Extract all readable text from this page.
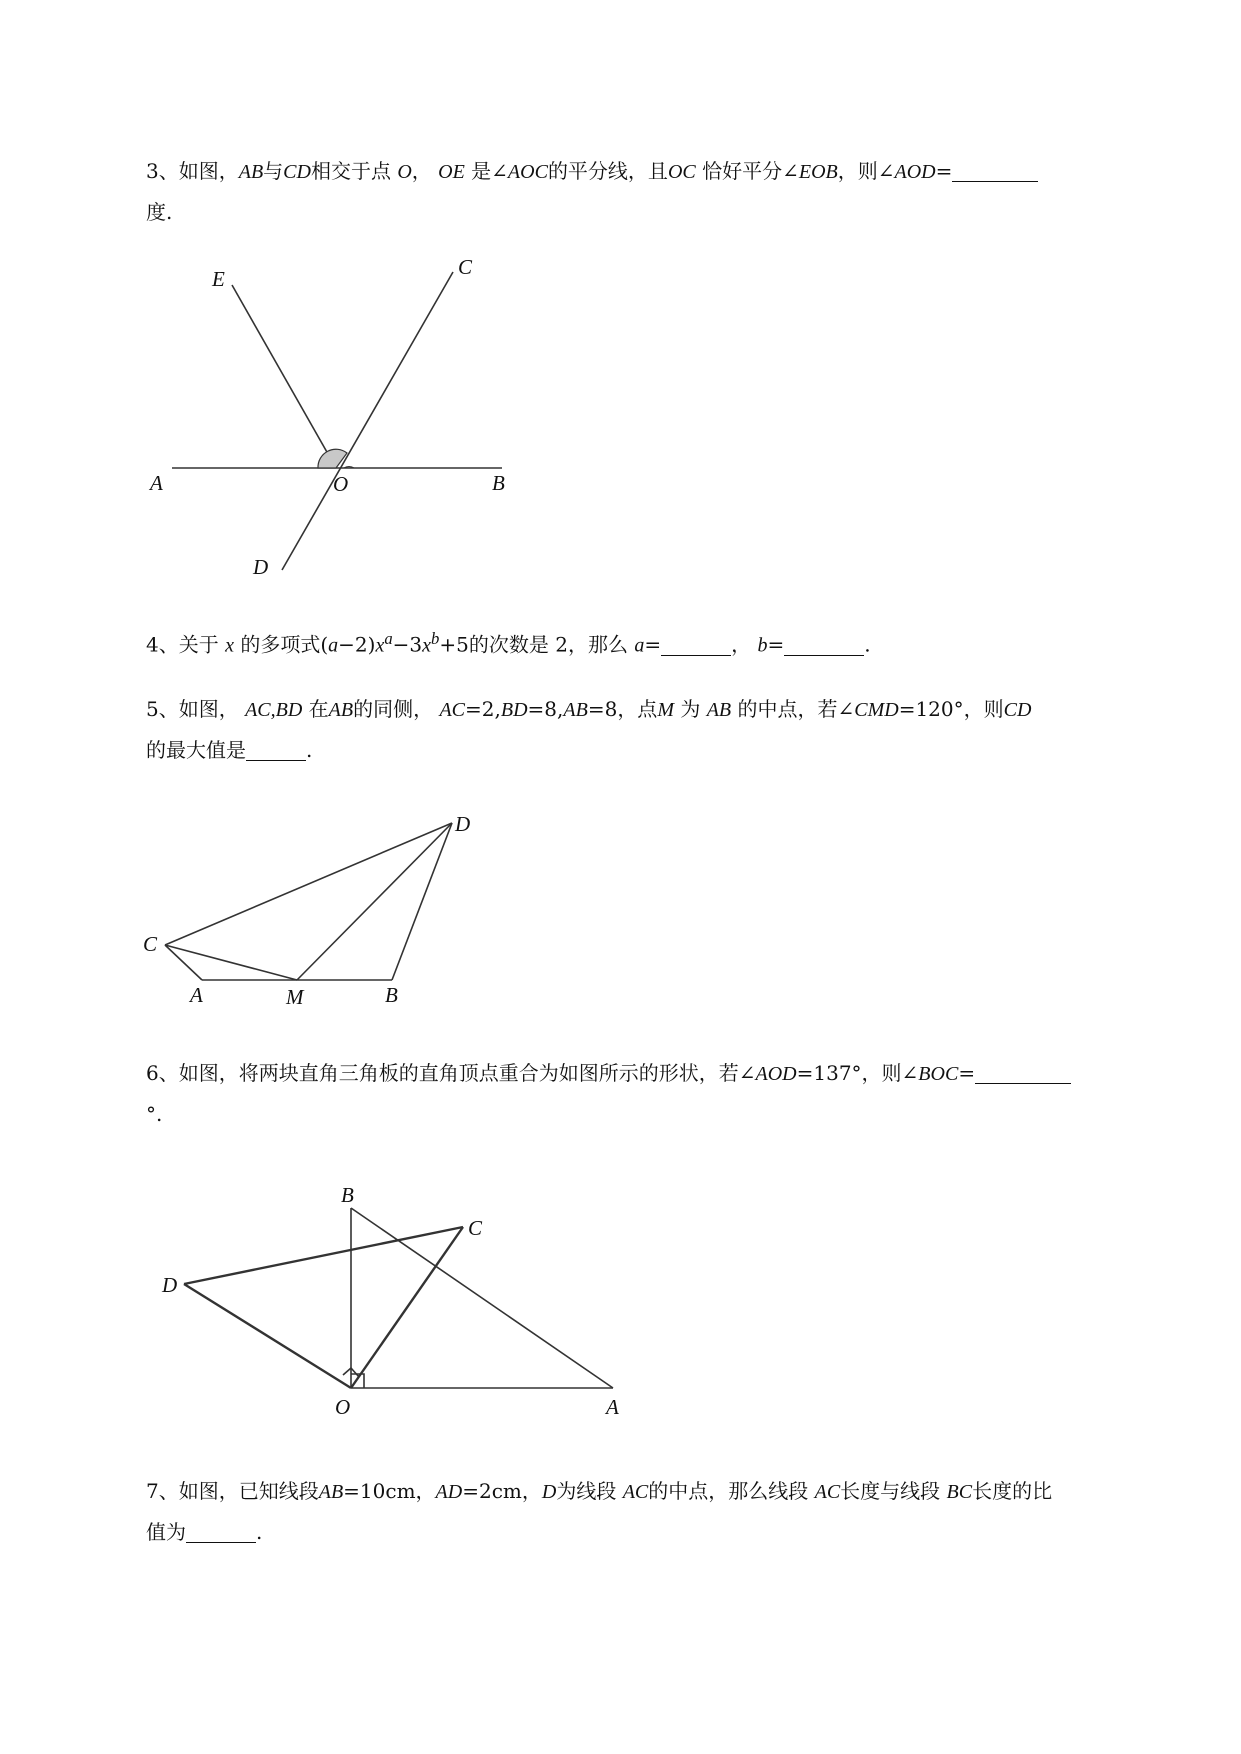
3、如图，AB与CD相交于点 O， OE 是∠AOC的平分线，且OC 恰好平分∠EOB，则∠AOD=

度.

E	C
A	O	B
D

4、关于 x 的多项式$(a-2)x^a-3x^b+5$的次数是 2，那么 a=	， b=	.

5、如图， AC,BD 在AB的同侧， AC=2,BD=8,AB=8，点M 为 AB 的中点，若∠CMD=120°，则CD

的最大值是	.

D
C
A	M	B

6、如图，将两块直角三角板的直角顶点重合为如图所示的形状，若∠AOD=137°，则∠BOC=

°.

B
C
D
O	A

7、如图，已知线段AB=10cm，AD=2cm，D为线段 AC的中点，那么线段 AC长度与线段 BC长度的比

值为	.
